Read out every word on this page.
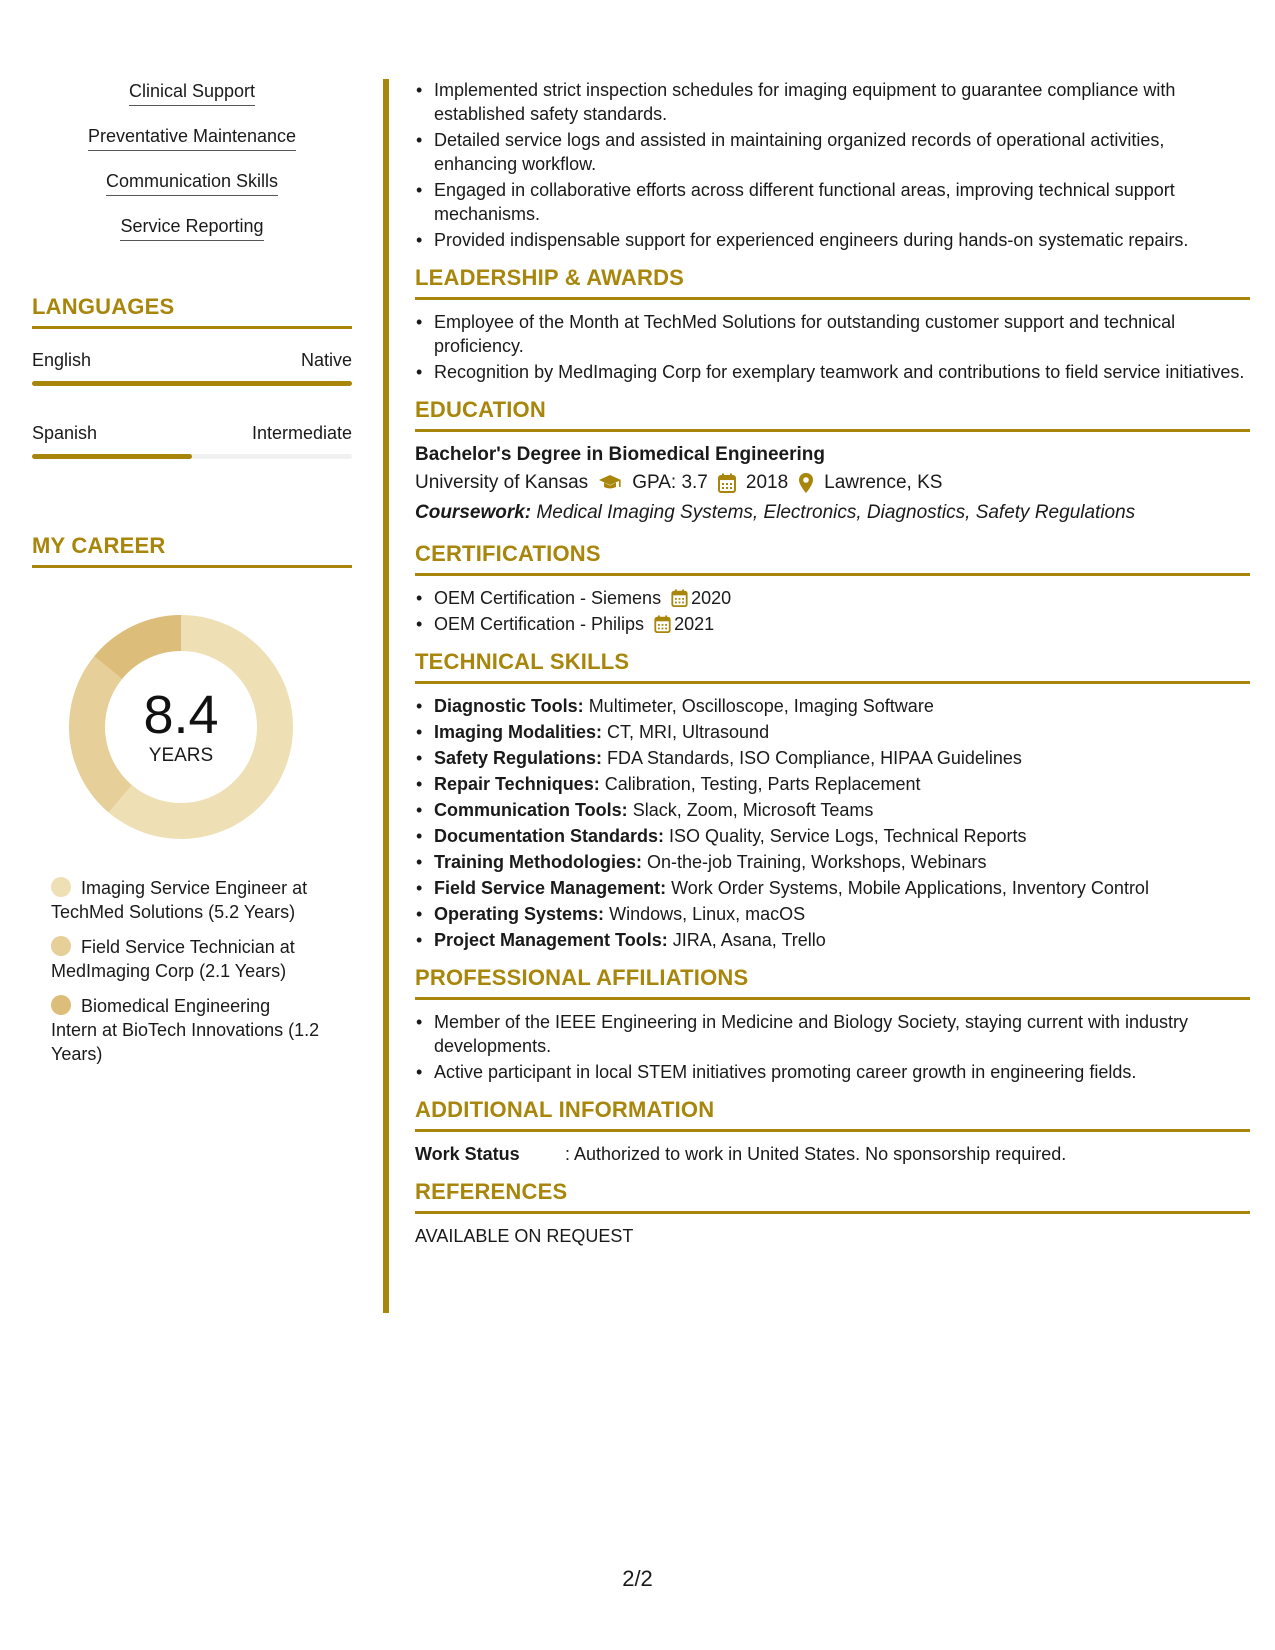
Clinical Support
Preventative Maintenance
Communication Skills
Service Reporting
LANGUAGES
English	Native
Spanish	Intermediate
MY CAREER
8.4
YEARS
Imaging Service Engineer at TechMed Solutions (5.2 Years)
Field Service Technician at MedImaging Corp (2.1 Years)
Biomedical Engineering Intern at BioTech Innovations (1.2 Years)
• Implemented strict inspection schedules for imaging equipment to guarantee compliance with established safety standards.
• Detailed service logs and assisted in maintaining organized records of operational activities, enhancing workflow.
• Engaged in collaborative efforts across different functional areas, improving technical support mechanisms.
• Provided indispensable support for experienced engineers during hands-on systematic repairs.
LEADERSHIP & AWARDS
• Employee of the Month at TechMed Solutions for outstanding customer support and technical proficiency.
• Recognition by MedImaging Corp for exemplary teamwork and contributions to field service initiatives.
EDUCATION
Bachelor's Degree in Biomedical Engineering
University of Kansas GPA: 3.7 2018 Lawrence, KS
Coursework: Medical Imaging Systems, Electronics, Diagnostics, Safety Regulations
CERTIFICATIONS
• OEM Certification - Siemens 2020
• OEM Certification - Philips 2021
TECHNICAL SKILLS
• Diagnostic Tools: Multimeter, Oscilloscope, Imaging Software
• Imaging Modalities: CT, MRI, Ultrasound
• Safety Regulations: FDA Standards, ISO Compliance, HIPAA Guidelines
• Repair Techniques: Calibration, Testing, Parts Replacement
• Communication Tools: Slack, Zoom, Microsoft Teams
• Documentation Standards: ISO Quality, Service Logs, Technical Reports
• Training Methodologies: On-the-job Training, Workshops, Webinars
• Field Service Management: Work Order Systems, Mobile Applications, Inventory Control
• Operating Systems: Windows, Linux, macOS
• Project Management Tools: JIRA, Asana, Trello
PROFESSIONAL AFFILIATIONS
• Member of the IEEE Engineering in Medicine and Biology Society, staying current with industry developments.
• Active participant in local STEM initiatives promoting career growth in engineering fields.
ADDITIONAL INFORMATION
Work Status	: Authorized to work in United States. No sponsorship required.
REFERENCES
AVAILABLE ON REQUEST
2/2
